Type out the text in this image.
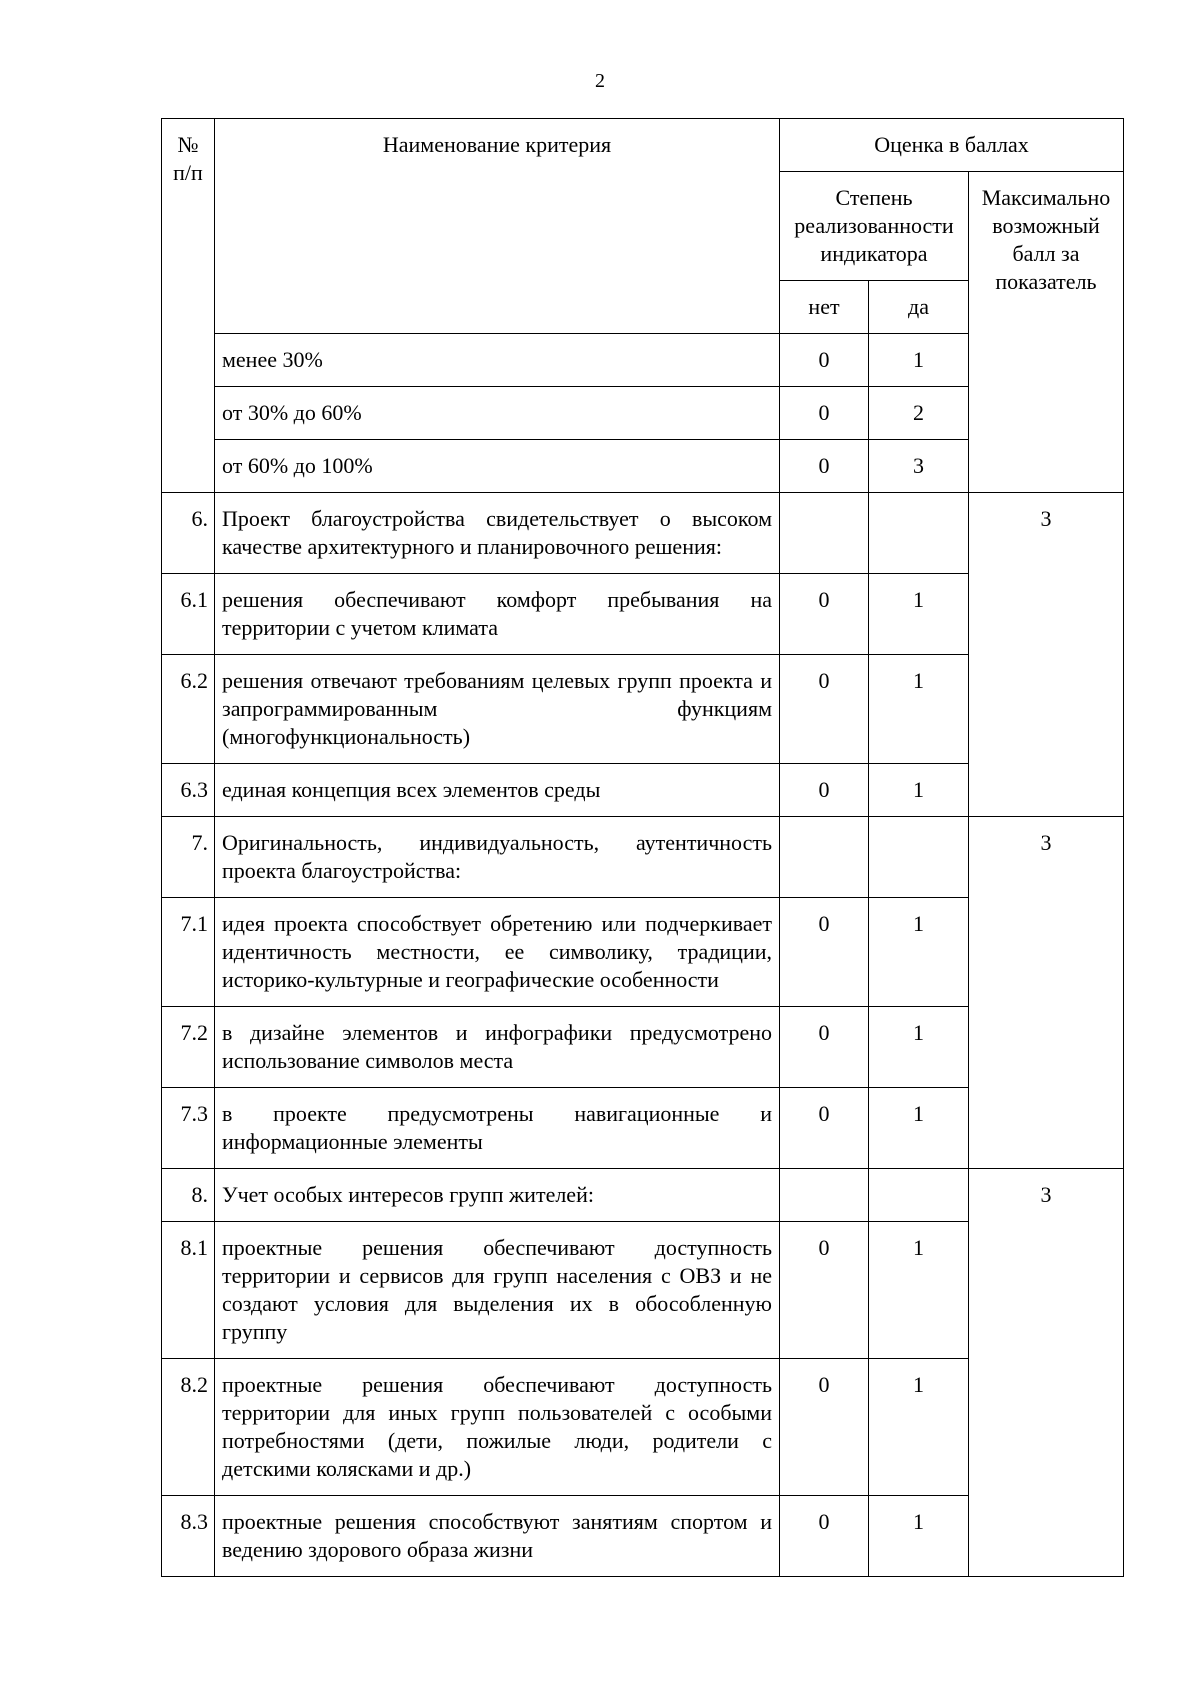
2
№ п/п	Наименование критерия	Оценка в баллах		
		Степень реализованности индикатора		Максимально возможный балл за показатель
		нет	да	
	менее 30%	0	1	
	от 30% до 60%	0	2	
	от 60% до 100%	0	3	
6.	Проект благоустройства свидетельствует о высоком качестве архитектурного и планировочного решения:			3
6.1	решения обеспечивают комфорт пребывания на территории с учетом климата	0	1	
6.2	решения отвечают требованиям целевых групп проекта и запрограммированным функциям (многофункциональность)	0	1	
6.3	единая концепция всех элементов среды	0	1	
7.	Оригинальность, индивидуальность, аутентичность проекта благоустройства:			3
7.1	идея проекта способствует обретению или подчеркивает идентичность местности, ее символику, традиции, историко-культурные и географические особенности	0	1	
7.2	в дизайне элементов и инфографики предусмотрено использование символов места	0	1	
7.3	в проекте предусмотрены навигационные и информационные элементы	0	1	
8.	Учет особых интересов групп жителей:			3
8.1	проектные решения обеспечивают доступность территории и сервисов для групп населения с ОВЗ и не создают условия для выделения их в обособленную группу	0	1	
8.2	проектные решения обеспечивают доступность территории для иных групп пользователей с особыми потребностями (дети, пожилые люди, родители с детскими колясками и др.)	0	1	
8.3	проектные решения способствуют занятиям спортом и ведению здорового образа жизни	0	1	
